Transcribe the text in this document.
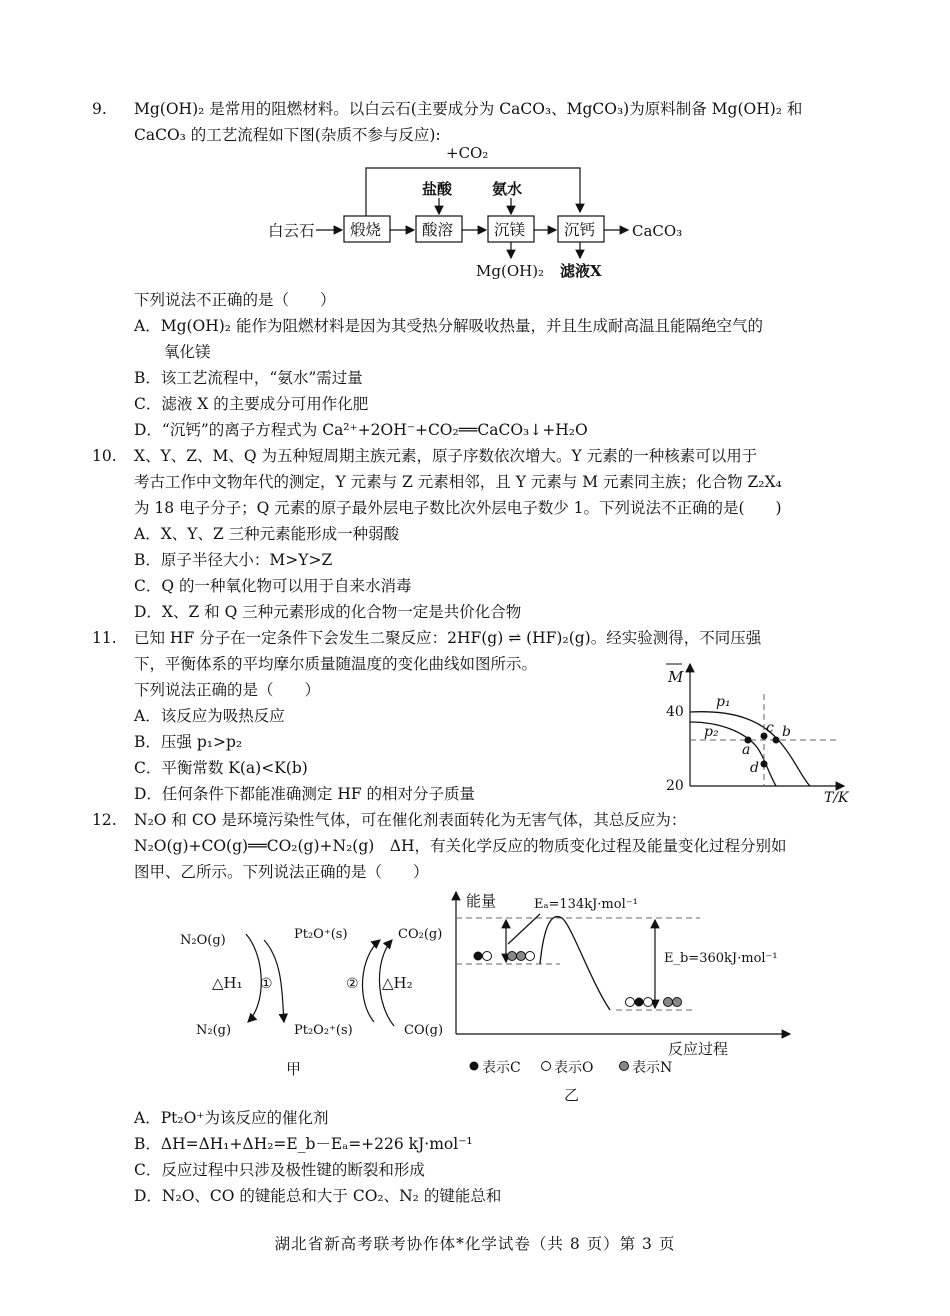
9. Mg(OH)₂ 是常用的阻燃材料。以白云石(主要成分为 CaCO₃、MgCO₃)为原料制备 Mg(OH)₂ 和
CaCO₃ 的工艺流程如下图(杂质不参与反应):
+CO₂
白云石 煅烧	酸溶
盐酸
沉镁
氨水
Mg(OH)₂
沉钙
滤液X
CaCO₃
下列说法不正确的是（　　）
A．Mg(OH)₂ 能作为阻燃材料是因为其受热分解吸收热量，并且生成耐高温且能隔绝空气的
氧化镁
B．该工艺流程中，“氨水”需过量
C．滤液 X 的主要成分可用作化肥
D．“沉钙”的离子方程式为 Ca²⁺+2OH⁻+CO₂══CaCO₃↓+H₂O
10. X、Y、Z、M、Q 为五种短周期主族元素，原子序数依次增大。Y 元素的一种核素可以用于
考古工作中文物年代的测定，Y 元素与 Z 元素相邻，且 Y 元素与 M 元素同主族；化合物 Z₂X₄
为 18 电子分子；Q 元素的原子最外层电子数比次外层电子数少 1。下列说法不正确的是(　　)
A．X、Y、Z 三种元素能形成一种弱酸
B．原子半径大小：M>Y>Z
C．Q 的一种氧化物可以用于自来水消毒
D．X、Z 和 Q 三种元素形成的化合物一定是共价化合物
11. 已知 HF 分子在一定条件下会发生二聚反应：2HF(g) ⇌ (HF)₂(g)。经实验测得，不同压强
下，平衡体系的平均摩尔质量随温度的变化曲线如图所示。
下列说法正确的是（　　）
A．该反应为吸热反应
B．压强 p₁>p₂
C．平衡常数 K(a)<K(b)
D．任何条件下都能准确测定 HF 的相对分子质量
M
T/K
40
20
p₁
p₂
a
c b
d
12. N₂O 和 CO 是环境污染性气体，可在催化剂表面转化为无害气体，其总反应为：
N₂O(g)+CO(g)══CO₂(g)+N₂(g)　ΔH，有关化学反应的物质变化过程及能量变化过程分别如
图甲、乙所示。下列说法正确的是（　　）
N₂O(g)
N₂(g)
Pt₂O⁺(s)
Pt₂O₂⁺(s)
CO₂(g)
CO(g)
△H₁ ①	② △H₂
甲
能量	Eₐ=134kJ·mol⁻¹
E_b=360kJ·mol⁻¹
反应过程
表示C 表示O	表示N
乙
A．Pt₂O⁺为该反应的催化剂
B．ΔH=ΔH₁+ΔH₂=E_b－Eₐ=+226 kJ·mol⁻¹
C．反应过程中只涉及极性键的断裂和形成
D．N₂O、CO 的键能总和大于 CO₂、N₂ 的键能总和
湖北省新高考联考协作体*化学试卷（共 8 页）第 3 页
